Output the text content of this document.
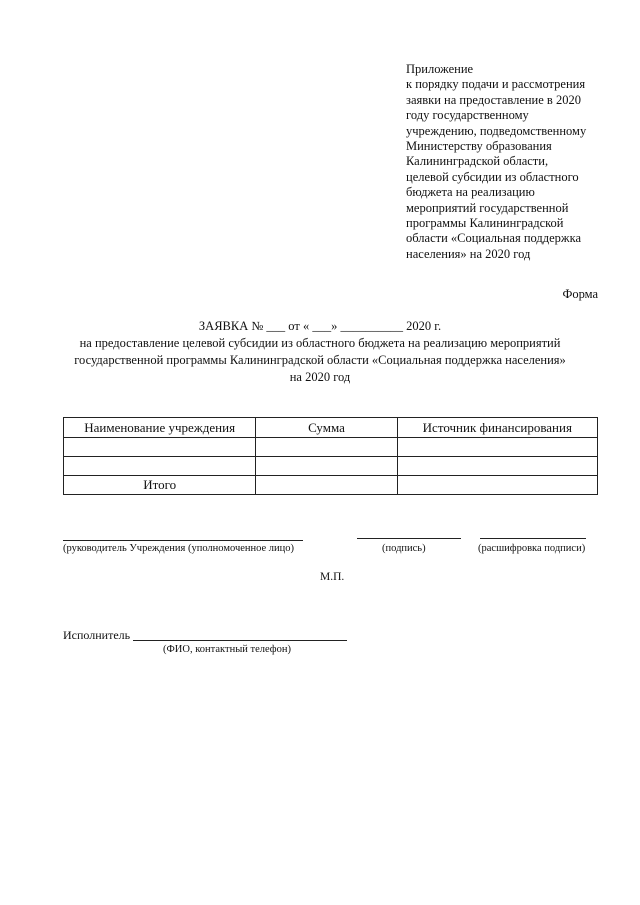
Приложение
к порядку подачи и рассмотрения
заявки на предоставление в 2020
году государственному
учреждению, подведомственному
Министерству образования
Калининградской области,
целевой субсидии из областного
бюджета на реализацию
мероприятий государственной
программы Калининградской
области «Социальная поддержка
населения» на 2020 год
Форма
ЗАЯВКА № ___ от « ___» __________ 2020 г.
на предоставление целевой субсидии из областного бюджета на реализацию мероприятий
государственной программы Калининградской области «Социальная поддержка населения»
на 2020 год
Наименование учреждения	Сумма	Источник финансирования

Итого		
(руководитель Учреждения (уполномоченное лицо)	(подпись)	(расшифровка подписи)
М.П.
Исполнитель
(ФИО, контактный телефон)
